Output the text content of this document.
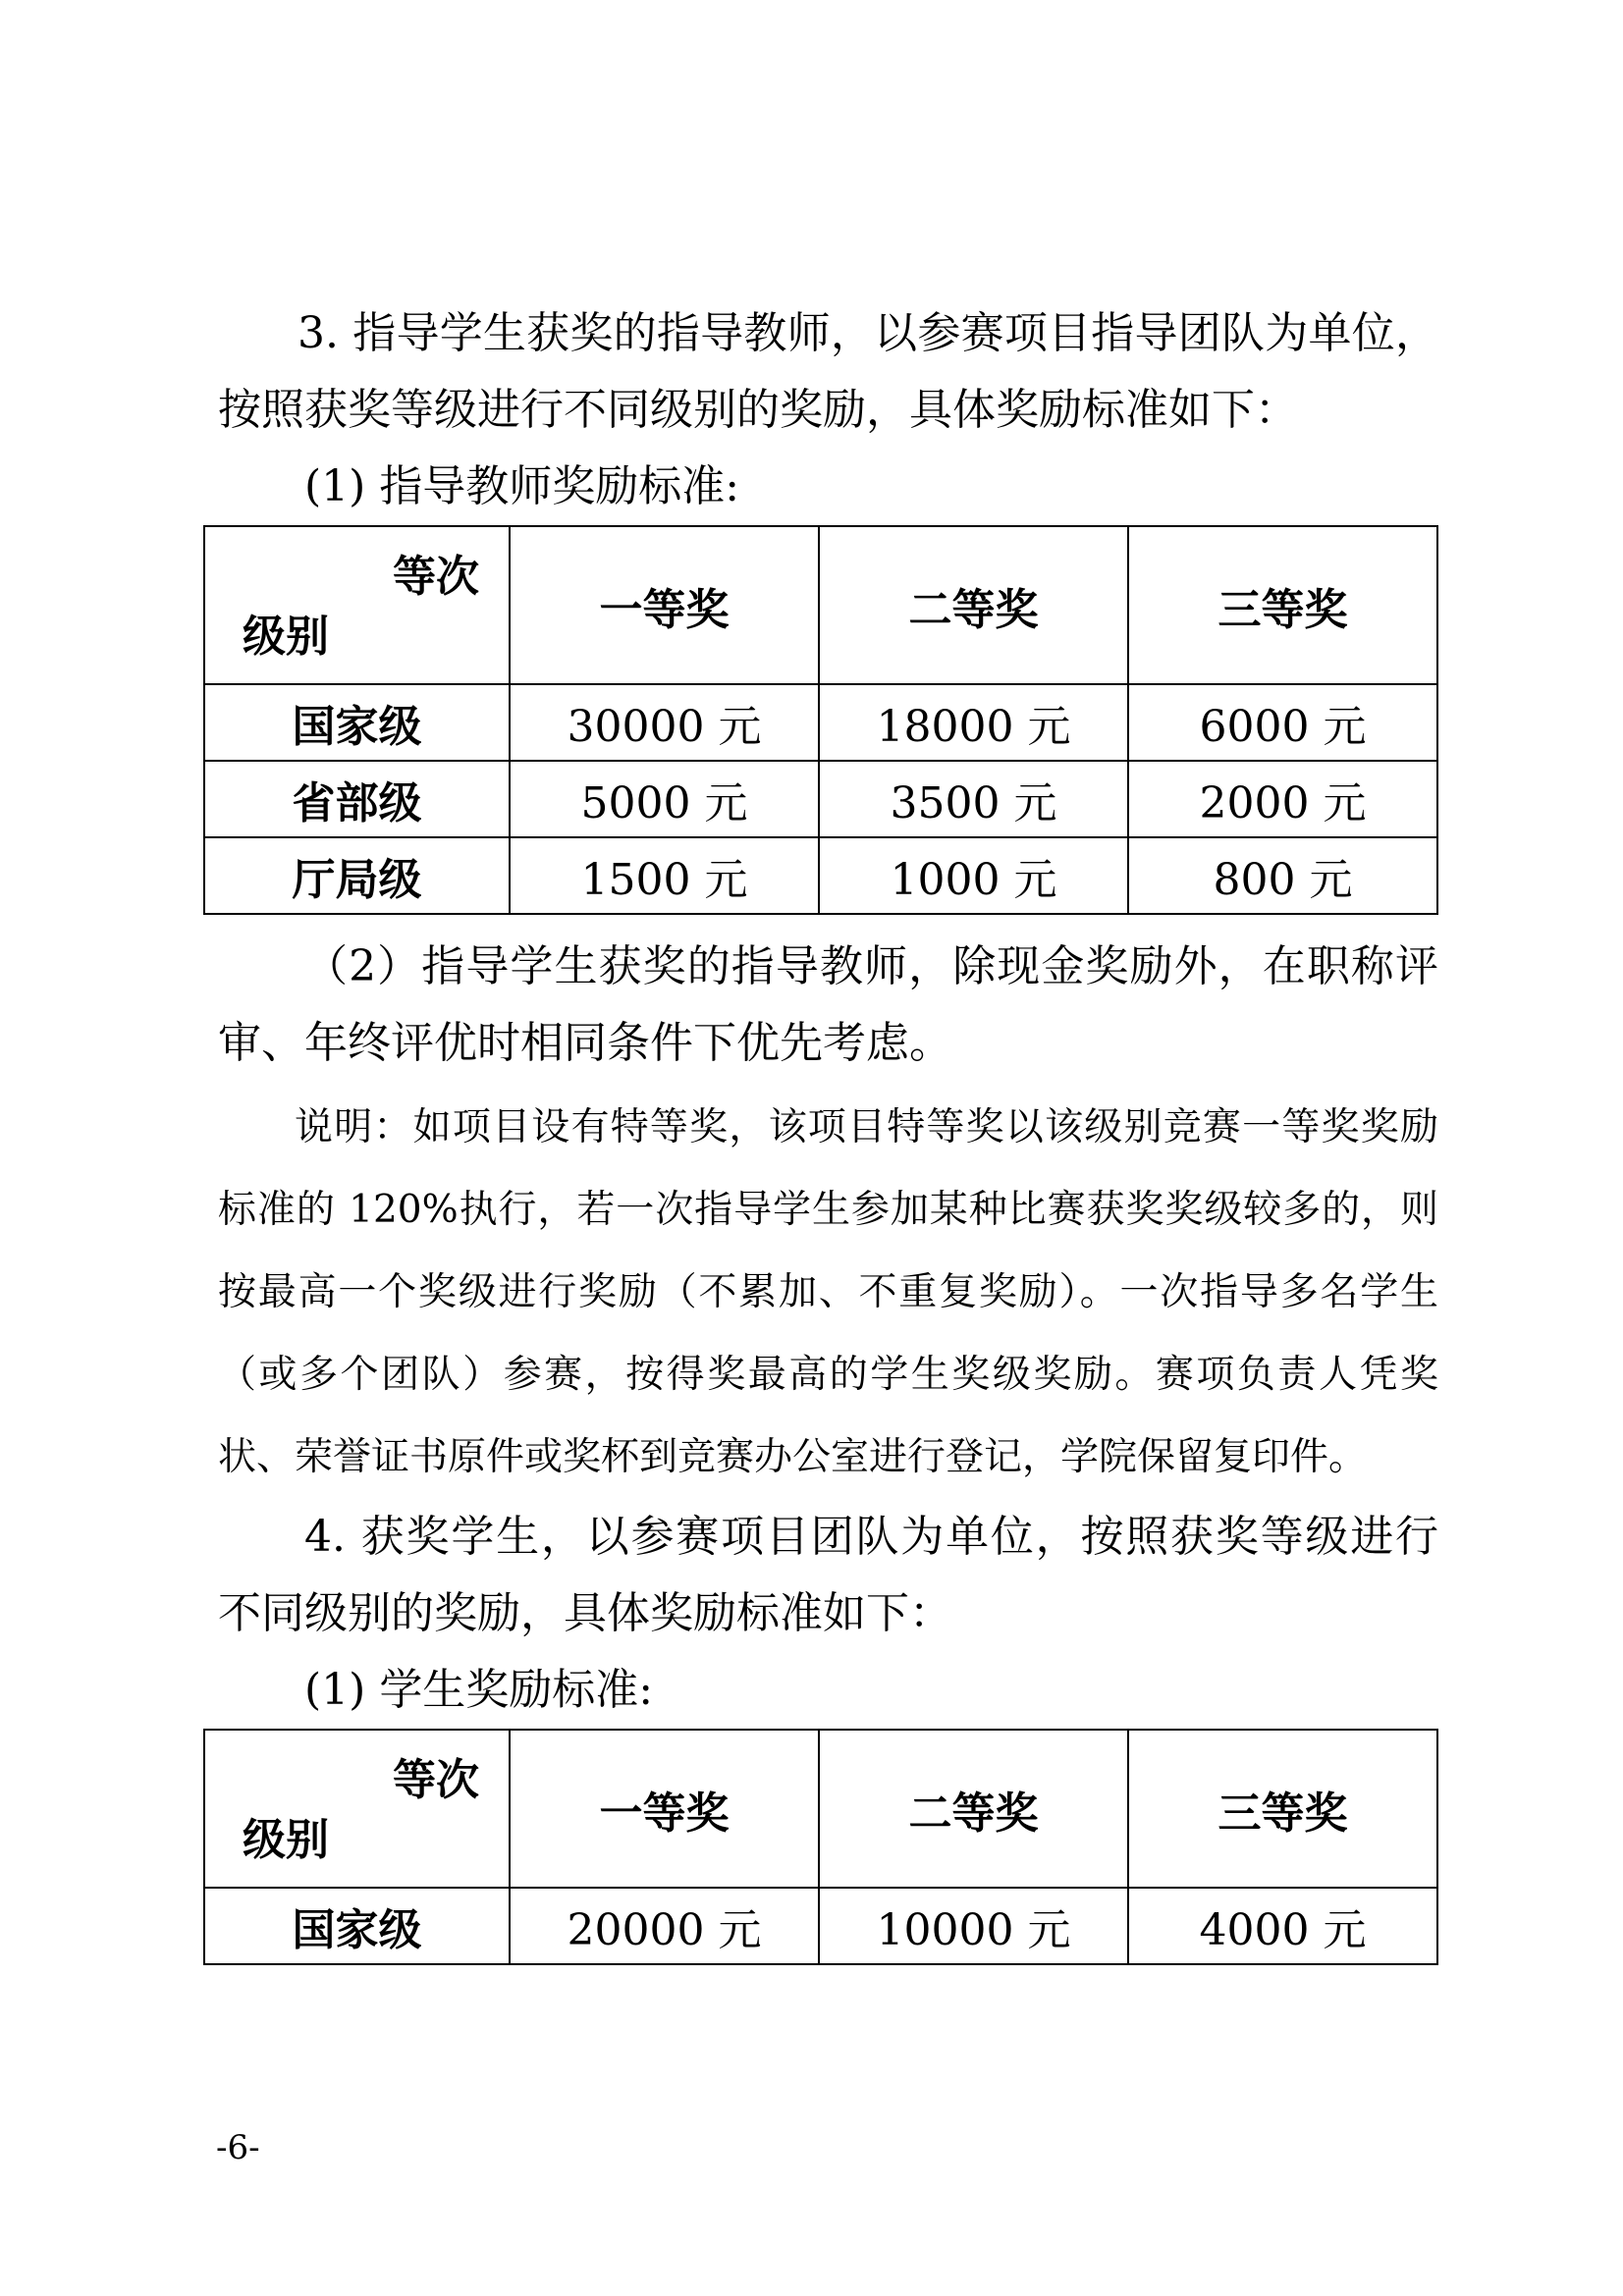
3. 指导学生获奖的指导教师，以参赛项目指导团队为单位，按照获奖等级进行不同级别的奖励，具体奖励标准如下：

(1) 指导教师奖励标准:

等次
级别	一等奖	二等奖	三等奖
国家级	30000 元	18000 元	6000 元
省部级	5000 元	3500 元	2000 元
厅局级	1500 元	1000 元	800 元

（2）指导学生获奖的指导教师，除现金奖励外，在职称评审、年终评优时相同条件下优先考虑。

说明：如项目设有特等奖，该项目特等奖以该级别竞赛一等奖奖励标准的 120%执行，若一次指导学生参加某种比赛获奖奖级较多的，则按最高一个奖级进行奖励（不累加、不重复奖励）。一次指导多名学生（或多个团队）参赛，按得奖最高的学生奖级奖励。赛项负责人凭奖状、荣誉证书原件或奖杯到竞赛办公室进行登记，学院保留复印件。

4. 获奖学生，以参赛项目团队为单位，按照获奖等级进行不同级别的奖励，具体奖励标准如下：

(1) 学生奖励标准:

等次
级别	一等奖	二等奖	三等奖
国家级	20000 元	10000 元	4000 元
-6-
